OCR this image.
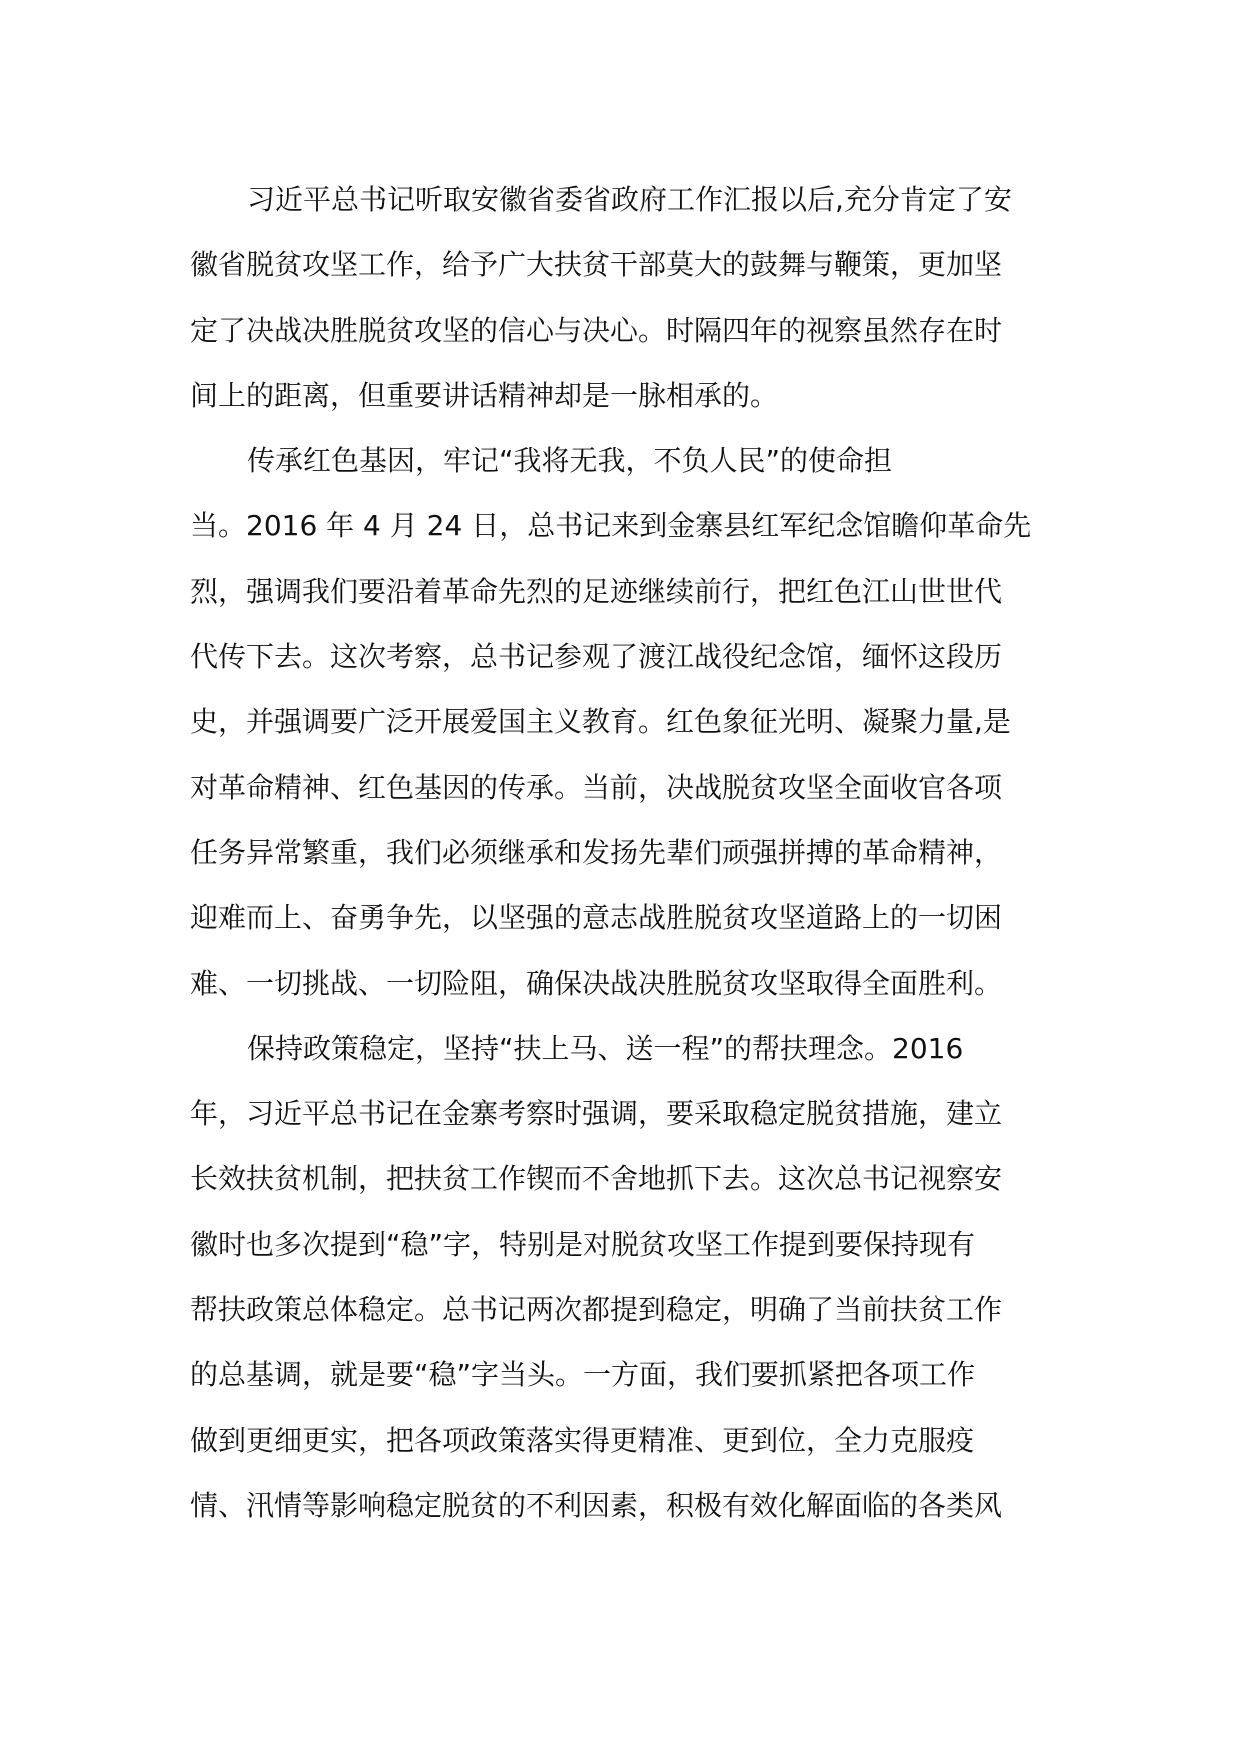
习近平总书记听取安徽省委省政府工作汇报以后,充分肯定了安
徽省脱贫攻坚工作，给予广大扶贫干部莫大的鼓舞与鞭策，更加坚
定了决战决胜脱贫攻坚的信心与决心。时隔四年的视察虽然存在时
间上的距离，但重要讲话精神却是一脉相承的。
传承红色基因，牢记“我将无我，不负人民”的使命担
当。2016 年 4 月 24 日，总书记来到金寨县红军纪念馆瞻仰革命先
烈，强调我们要沿着革命先烈的足迹继续前行，把红色江山世世代
代传下去。这次考察，总书记参观了渡江战役纪念馆，缅怀这段历
史，并强调要广泛开展爱国主义教育。红色象征光明、凝聚力量,是
对革命精神、红色基因的传承。当前，决战脱贫攻坚全面收官各项
任务异常繁重，我们必须继承和发扬先辈们顽强拼搏的革命精神，
迎难而上、奋勇争先，以坚强的意志战胜脱贫攻坚道路上的一切困
难、一切挑战、一切险阻，确保决战决胜脱贫攻坚取得全面胜利。
保持政策稳定，坚持“扶上马、送一程”的帮扶理念。2016
年，习近平总书记在金寨考察时强调，要采取稳定脱贫措施，建立
长效扶贫机制，把扶贫工作锲而不舍地抓下去。这次总书记视察安
徽时也多次提到“稳”字，特别是对脱贫攻坚工作提到要保持现有
帮扶政策总体稳定。总书记两次都提到稳定，明确了当前扶贫工作
的总基调，就是要“稳”字当头。一方面，我们要抓紧把各项工作
做到更细更实，把各项政策落实得更精准、更到位，全力克服疫
情、汛情等影响稳定脱贫的不利因素，积极有效化解面临的各类风
